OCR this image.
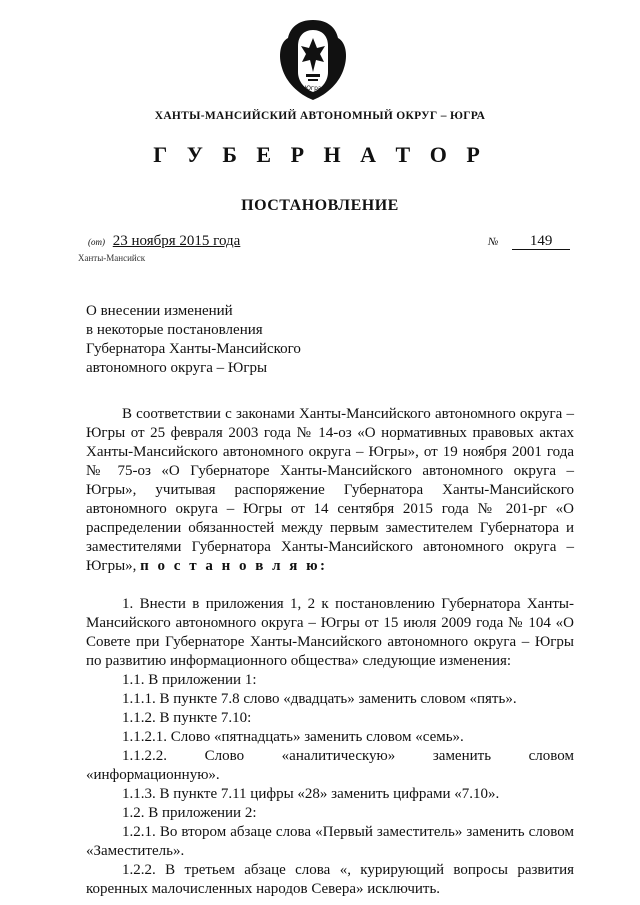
Югра
ХАНТЫ-МАНСИЙСКИЙ АВТОНОМНЫЙ ОКРУГ – ЮГРА
Г У Б Е Р Н А Т О Р
ПОСТАНОВЛЕНИЕ
(от) 23 ноября 2015 года	№ 149
Ханты-Мансийск
О внесении изменений
в некоторые постановления
Губернатора Ханты-Мансийского
автономного округа – Югры

В соответствии с законами Ханты-Мансийского автономного округа – Югры от 25 февраля 2003 года № 14-оз «О нормативных правовых актах Ханты-Мансийского автономного округа – Югры», от 19 ноября 2001 года № 75-оз «О Губернаторе Ханты-Мансийского автономного округа – Югры», учитывая распоряжение Губернатора Ханты-Мансийского автономного округа – Югры от 14 сентября 2015 года № 201-рг «О распределении обязанностей между первым заместителем Губернатора и заместителями Губернатора Ханты-Мансийского автономного округа – Югры», п о с т а н о в л я ю:

1. Внести в приложения 1, 2 к постановлению Губернатора Ханты-Мансийского автономного округа – Югры от 15 июля 2009 года № 104 «О Совете при Губернаторе Ханты-Мансийского автономного округа – Югры по развитию информационного общества» следующие изменения:

1.1. В приложении 1:

1.1.1. В пункте 7.8 слово «двадцать» заменить словом «пять».

1.1.2. В пункте 7.10:

1.1.2.1. Слово «пятнадцать» заменить словом «семь».

1.1.2.2.	Слово	«аналитическую»	заменить	словом

«информационную».

1.1.3. В пункте 7.11 цифры «28» заменить цифрами «7.10».

1.2. В приложении 2:

1.2.1. Во втором абзаце слова «Первый заместитель» заменить словом «Заместитель».

1.2.2. В третьем абзаце слова «, курирующий вопросы развития коренных малочисленных народов Севера» исключить.
